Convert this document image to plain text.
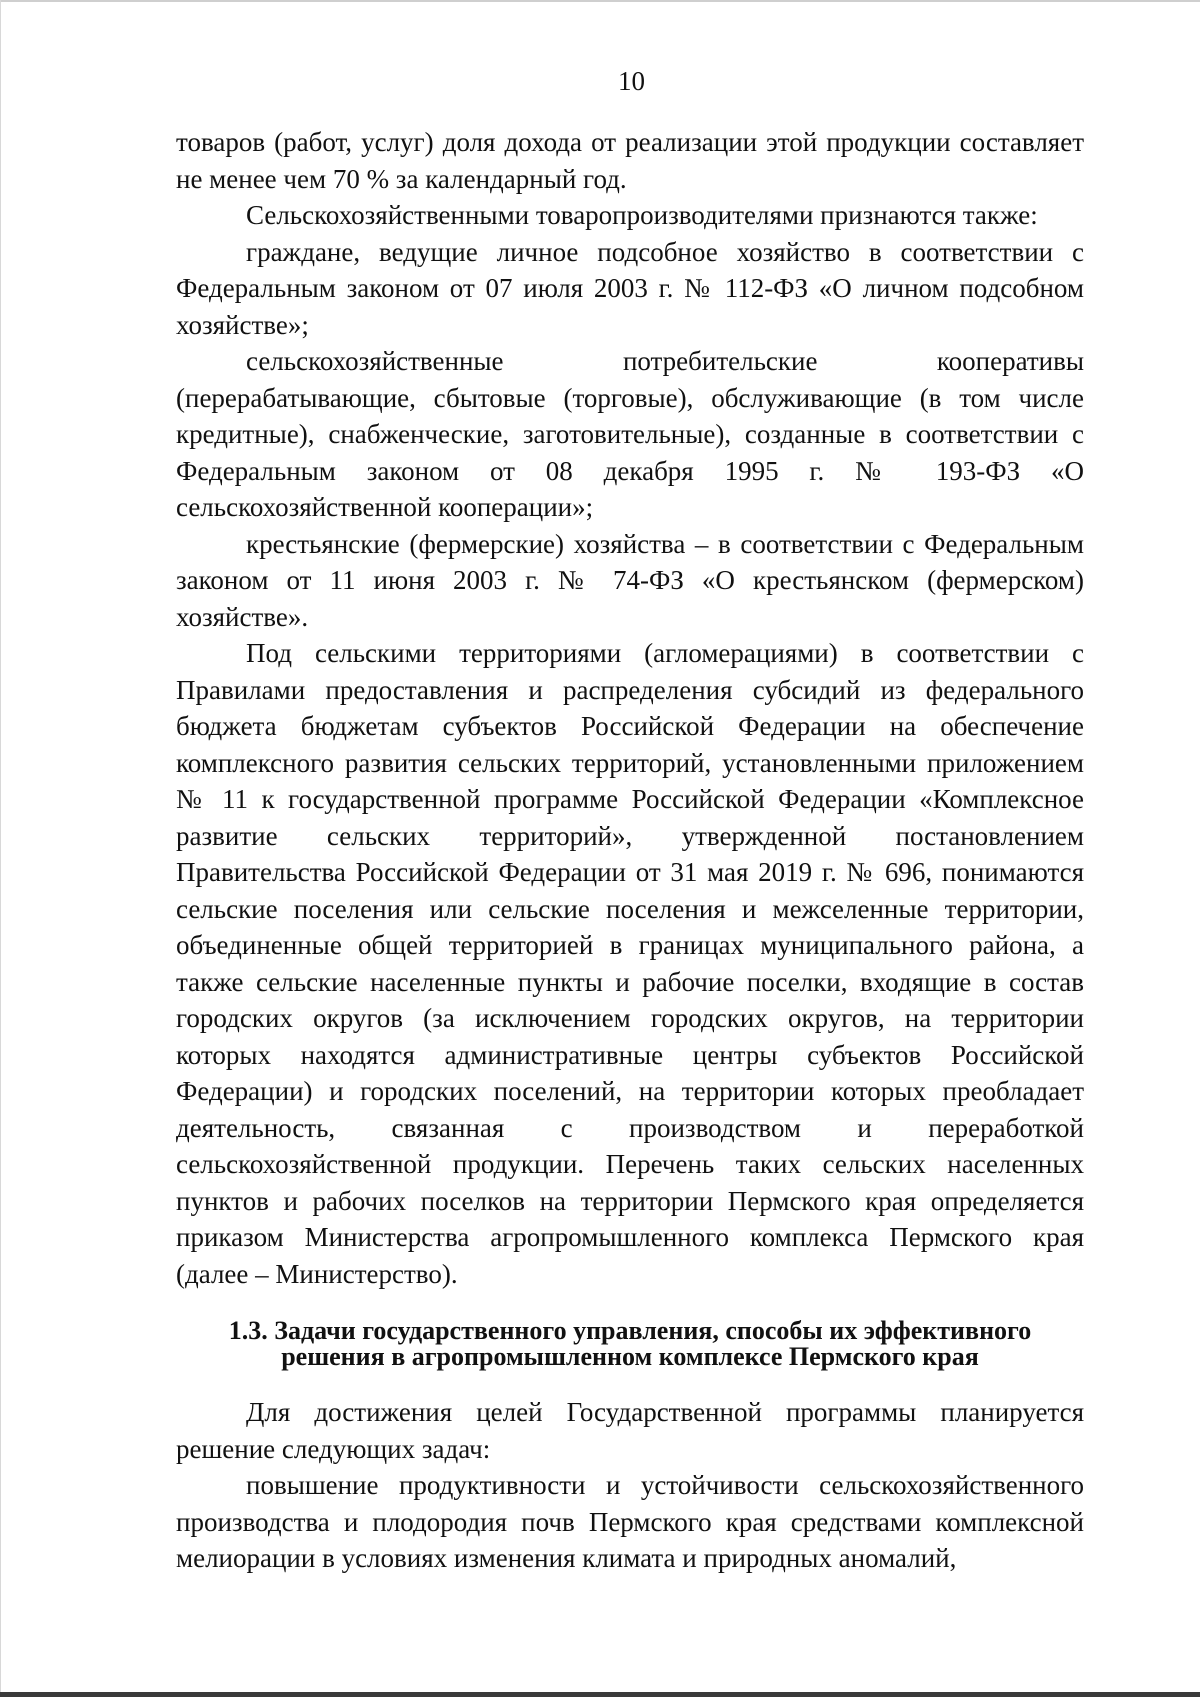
10

товаров (работ, услуг) доля дохода от реализации этой продукции составляет не менее чем 70 % за календарный год.

Сельскохозяйственными товаропроизводителями признаются также:

граждане, ведущие личное подсобное хозяйство в соответствии с Федеральным законом от 07 июля 2003 г. № 112-ФЗ «О личном подсобном хозяйстве»;

сельскохозяйственные потребительские кооперативы (перерабатывающие, сбытовые (торговые), обслуживающие (в том числе кредитные), снабженческие, заготовительные), созданные в соответствии с Федеральным законом от 08 декабря 1995 г. № 193-ФЗ «О сельскохозяйственной кооперации»;

крестьянские (фермерские) хозяйства – в соответствии с Федеральным законом от 11 июня 2003 г. № 74-ФЗ «О крестьянском (фермерском) хозяйстве».

Под сельскими территориями (агломерациями) в соответствии с Правилами предоставления и распределения субсидий из федерального бюджета бюджетам субъектов Российской Федерации на обеспечение комплексного развития сельских территорий, установленными приложением № 11 к государственной программе Российской Федерации «Комплексное развитие сельских территорий», утвержденной постановлением Правительства Российской Федерации от 31 мая 2019 г. № 696, понимаются сельские поселения или сельские поселения и межселенные территории, объединенные общей территорией в границах муниципального района, а также сельские населенные пункты и рабочие поселки, входящие в состав городских округов (за исключением городских округов, на территории которых находятся административные центры субъектов Российской Федерации) и городских поселений, на территории которых преобладает деятельность, связанная с производством и переработкой сельскохозяйственной продукции. Перечень таких сельских населенных пунктов и рабочих поселков на территории Пермского края определяется приказом Министерства агропромышленного комплекса Пермского края (далее – Министерство).

1.3. Задачи государственного управления, способы их эффективного
решения в агропромышленном комплексе Пермского края

Для достижения целей Государственной программы планируется решение следующих задач:

повышение продуктивности и устойчивости сельскохозяйственного производства и плодородия почв Пермского края средствами комплексной мелиорации в условиях изменения климата и природных аномалий,
